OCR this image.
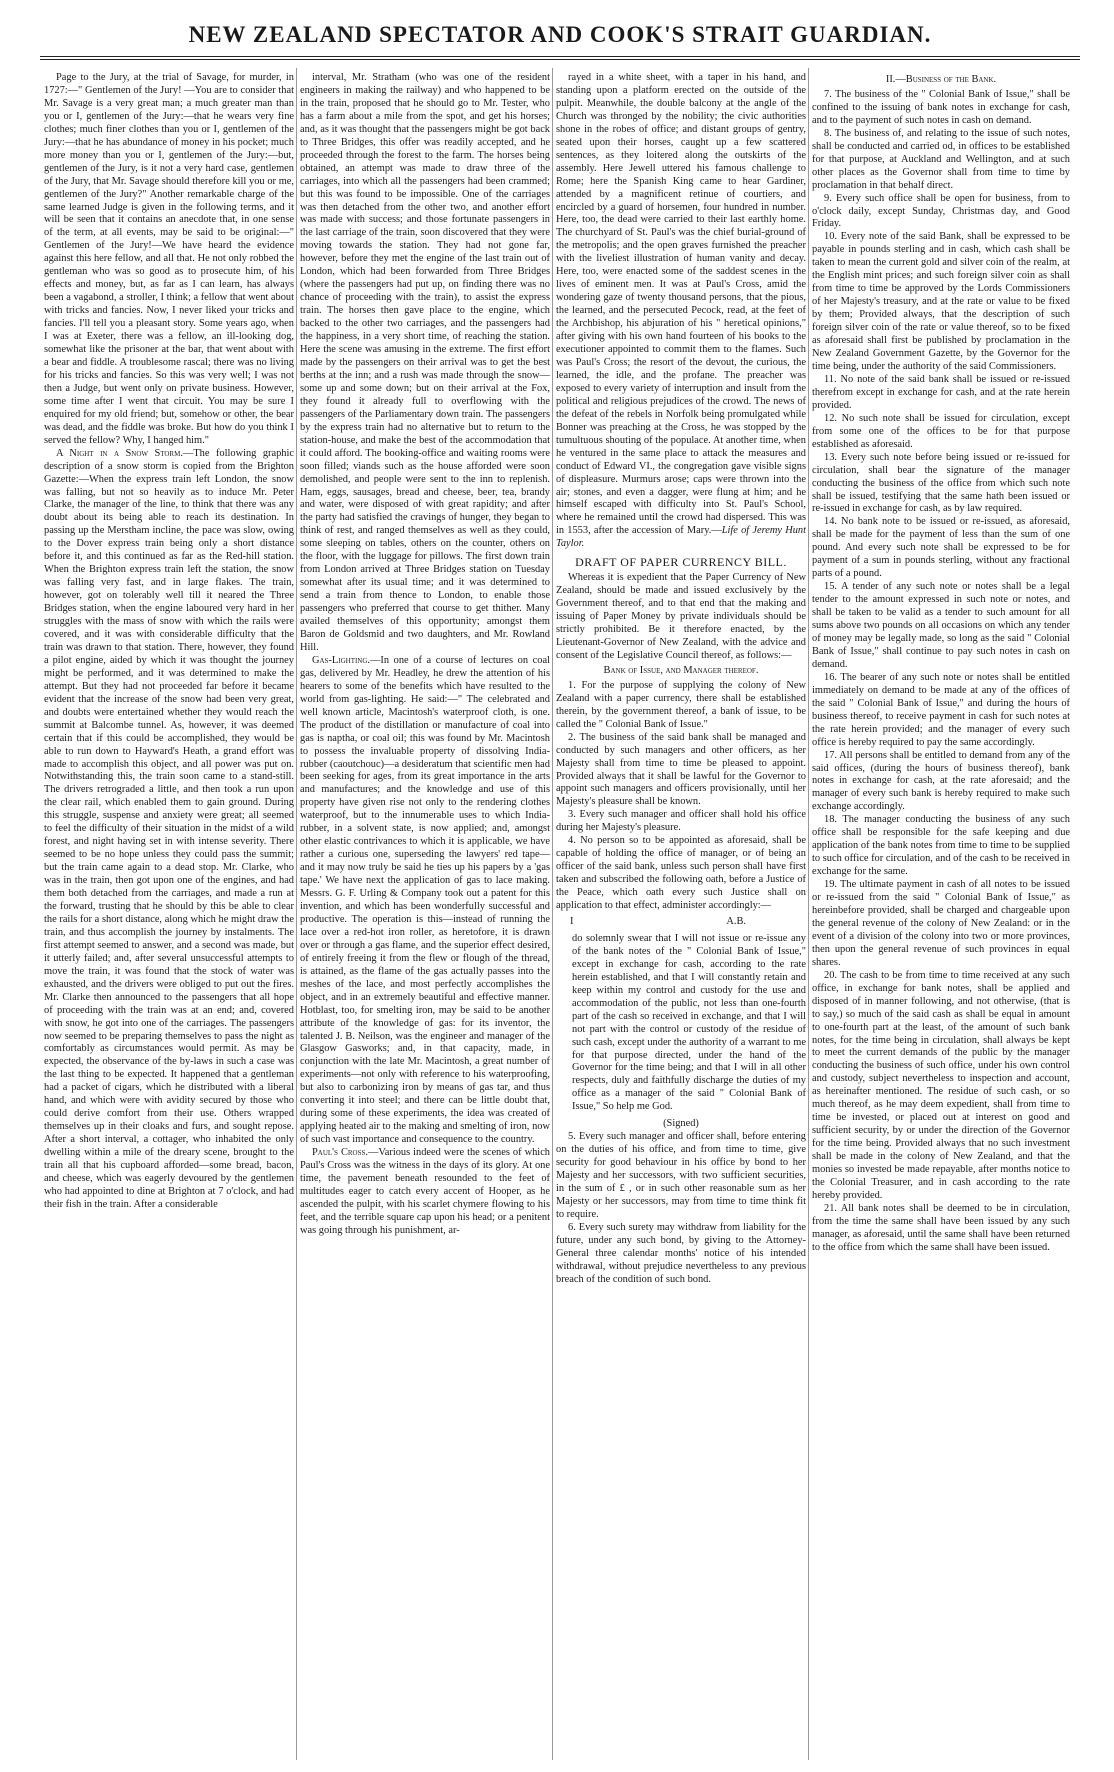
NEW ZEALAND SPECTATOR AND COOK'S STRAIT GUARDIAN.

Page to the Jury, at the trial of Savage, for murder, in 1727:—" Gentlemen of the Jury! —You are to consider that Mr. Savage is a very great man; a much greater man than you or I, gentlemen of the Jury:—that he wears very fine clothes; much finer clothes than you or I, gentlemen of the Jury:—that he has abundance of money in his pocket; much more money than you or I, gentlemen of the Jury:—but, gentlemen of the Jury, is it not a very hard case, gentlemen of the Jury, that Mr. Savage should therefore kill you or me, gentlemen of the Jury?" Another remarkable charge of the same learned Judge is given in the following terms, and it will be seen that it contains an anecdote that, in one sense of the term, at all events, may be said to be original:—" Gentlemen of the Jury!—We have heard the evidence against this here fellow, and all that. He not only robbed the gentleman who was so good as to prosecute him, of his effects and money, but, as far as I can learn, has always been a vagabond, a stroller, I think; a fellow that went about with tricks and fancies. Now, I never liked your tricks and fancies. I'll tell you a pleasant story. Some years ago, when I was at Exeter, there was a fellow, an ill-looking dog, somewhat like the prisoner at the bar, that went about with a bear and fiddle. A troublesome rascal; there was no living for his tricks and fancies. So this was very well; I was not then a Judge, but went only on private business. However, some time after I went that circuit. You may be sure I enquired for my old friend; but, somehow or other, the bear was dead, and the fiddle was broke. But how do you think I served the fellow? Why, I hanged him."

A Night in a Snow Storm.—The following graphic description of a snow storm is copied from the Brighton Gazette:—When the express train left London, the snow was falling, but not so heavily as to induce Mr. Peter Clarke, the manager of the line, to think that there was any doubt about its being able to reach its destination. In passing up the Merstham incline, the pace was slow, owing to the Dover express train being only a short distance before it, and this continued as far as the Red-hill station. When the Brighton express train left the station, the snow was falling very fast, and in large flakes. The train, however, got on tolerably well till it neared the Three Bridges station, when the engine laboured very hard in her struggles with the mass of snow with which the rails were covered, and it was with considerable difficulty that the train was drawn to that station. There, however, they found a pilot engine, aided by which it was thought the journey might be performed, and it was determined to make the attempt. But they had not proceeded far before it became evident that the increase of the snow had been very great, and doubts were entertained whether they would reach the summit at Balcombe tunnel. As, however, it was deemed certain that if this could be accomplished, they would be able to run down to Hayward's Heath, a grand effort was made to accomplish this object, and all power was put on. Notwithstanding this, the train soon came to a stand-still. The drivers retrograded a little, and then took a run upon the clear rail, which enabled them to gain ground. During this struggle, suspense and anxiety were great; all seemed to feel the difficulty of their situation in the midst of a wild forest, and night having set in with intense severity. There seemed to be no hope unless they could pass the summit; but the train came again to a dead stop. Mr. Clarke, who was in the train, then got upon one of the engines, and had them both detached from the carriages, and made a run at the forward, trusting that he should by this be able to clear the rails for a short distance, along which he might draw the train, and thus accomplish the journey by instalments. The first attempt seemed to answer, and a second was made, but it utterly failed; and, after several unsuccessful attempts to move the train, it was found that the stock of water was exhausted, and the drivers were obliged to put out the fires. Mr. Clarke then announced to the passengers that all hope of proceeding with the train was at an end; and, covered with snow, he got into one of the carriages. The passengers now seemed to be preparing themselves to pass the night as comfortably as circumstances would permit. As may be expected, the observance of the by-laws in such a case was the last thing to be expected. It happened that a gentleman had a packet of cigars, which he distributed with a liberal hand, and which were with avidity secured by those who could derive comfort from their use. Others wrapped themselves up in their cloaks and furs, and sought repose. After a short interval, a cottager, who inhabited the only dwelling within a mile of the dreary scene, brought to the train all that his cupboard afforded—some bread, bacon, and cheese, which was eagerly devoured by the gentlemen who had appointed to dine at Brighton at 7 o'clock, and had their fish in the train. After a considerable

interval, Mr. Stratham (who was one of the resident engineers in making the railway) and who happened to be in the train, proposed that he should go to Mr. Tester, who has a farm about a mile from the spot, and get his horses; and, as it was thought that the passengers might be got back to Three Bridges, this offer was readily accepted, and he proceeded through the forest to the farm. The horses being obtained, an attempt was made to draw three of the carriages, into which all the passengers had been crammed; but this was found to be impossible. One of the carriages was then detached from the other two, and another effort was made with success; and those fortunate passengers in the last carriage of the train, soon discovered that they were moving towards the station. They had not gone far, however, before they met the engine of the last train out of London, which had been forwarded from Three Bridges (where the passengers had put up, on finding there was no chance of proceeding with the train), to assist the express train. The horses then gave place to the engine, which backed to the other two carriages, and the passengers had the happiness, in a very short time, of reaching the station. Here the scene was amusing in the extreme. The first effort made by the passengers on their arrival was to get the best berths at the inn; and a rush was made through the snow—some up and some down; but on their arrival at the Fox, they found it already full to overflowing with the passengers of the Parliamentary down train. The passengers by the express train had no alternative but to return to the station-house, and make the best of the accommodation that it could afford. The booking-office and waiting rooms were soon filled; viands such as the house afforded were soon demolished, and people were sent to the inn to replenish. Ham, eggs, sausages, bread and cheese, beer, tea, brandy and water, were disposed of with great rapidity; and after the party had satisfied the cravings of hunger, they began to think of rest, and ranged themselves as well as they could, some sleeping on tables, others on the counter, others on the floor, with the luggage for pillows. The first down train from London arrived at Three Bridges station on Tuesday somewhat after its usual time; and it was determined to send a train from thence to London, to enable those passengers who preferred that course to get thither. Many availed themselves of this opportunity; amongst them Baron de Goldsmid and two daughters, and Mr. Rowland Hill.

Gas-Lighting.—In one of a course of lectures on coal gas, delivered by Mr. Headley, he drew the attention of his hearers to some of the benefits which have resulted to the world from gas-lighting. He said:—" The celebrated and well known article, Macintosh's waterproof cloth, is one. The product of the distillation or manufacture of coal into gas is naptha, or coal oil; this was found by Mr. Macintosh to possess the invaluable property of dissolving India-rubber (caoutchouc)—a desideratum that scientific men had been seeking for ages, from its great importance in the arts and manufactures; and the knowledge and use of this property have given rise not only to the rendering clothes waterproof, but to the innumerable uses to which India-rubber, in a solvent state, is now applied; and, amongst other elastic contrivances to which it is applicable, we have rather a curious one, superseding the lawyers' red tape—and it may now truly be said he ties up his papers by a 'gas tape.' We have next the application of gas to lace making. Messrs. G. F. Urling & Company took out a patent for this invention, and which has been wonderfully successful and productive. The operation is this—instead of running the lace over a red-hot iron roller, as heretofore, it is drawn over or through a gas flame, and the superior effect desired, of entirely freeing it from the flew or flough of the thread, is attained, as the flame of the gas actually passes into the meshes of the lace, and most perfectly accomplishes the object, and in an extremely beautiful and effective manner. Hotblast, too, for smelting iron, may be said to be another attribute of the knowledge of gas: for its inventor, the talented J. B. Neilson, was the engineer and manager of the Glasgow Gasworks; and, in that capacity, made, in conjunction with the late Mr. Macintosh, a great number of experiments—not only with reference to his waterproofing, but also to carbonizing iron by means of gas tar, and thus converting it into steel; and there can be little doubt that, during some of these experiments, the idea was created of applying heated air to the making and smelting of iron, now of such vast importance and consequence to the country.

Paul's Cross.—Various indeed were the scenes of which Paul's Cross was the witness in the days of its glory. At one time, the pavement beneath resounded to the feet of multitudes eager to catch every accent of Hooper, as he ascended the pulpit, with his scarlet chymere flowing to his feet, and the terrible square cap upon his head; or a penitent was going through his punishment, ar-

rayed in a white sheet, with a taper in his hand, and standing upon a platform erected on the outside of the pulpit. Meanwhile, the double balcony at the angle of the Church was thronged by the nobility; the civic authorities shone in the robes of office; and distant groups of gentry, seated upon their horses, caught up a few scattered sentences, as they loitered along the outskirts of the assembly. Here Jewell uttered his famous challenge to Rome; here the Spanish King came to hear Gardiner, attended by a magnificent retinue of courtiers, and encircled by a guard of horsemen, four hundred in number. Here, too, the dead were carried to their last earthly home. The churchyard of St. Paul's was the chief burial-ground of the metropolis; and the open graves furnished the preacher with the liveliest illustration of human vanity and decay. Here, too, were enacted some of the saddest scenes in the lives of eminent men. It was at Paul's Cross, amid the wondering gaze of twenty thousand persons, that the pious, the learned, and the persecuted Pecock, read, at the feet of the Archbishop, his abjuration of his " heretical opinions," after giving with his own hand fourteen of his books to the executioner appointed to commit them to the flames. Such was Paul's Cross; the resort of the devout, the curious, the learned, the idle, and the profane. The preacher was exposed to every variety of interruption and insult from the political and religious prejudices of the crowd. The news of the defeat of the rebels in Norfolk being promulgated while Bonner was preaching at the Cross, he was stopped by the tumultuous shouting of the populace. At another time, when he ventured in the same place to attack the measures and conduct of Edward VI., the congregation gave visible signs of displeasure. Murmurs arose; caps were thrown into the air; stones, and even a dagger, were flung at him; and he himself escaped with difficulty into St. Paul's School, where he remained until the crowd had dispersed. This was in 1553, after the accession of Mary.—Life of Jeremy Hunt Taylor.

DRAFT OF PAPER CURRENCY BILL.

Whereas it is expedient that the Paper Currency of New Zealand, should be made and issued exclusively by the Government thereof, and to that end that the making and issuing of Paper Money by private individuals should be strictly prohibited. Be it therefore enacted, by the Lieutenant-Governor of New Zealand, with the advice and consent of the Legislative Council thereof, as follows:—

Bank of Issue, and Manager thereof.

1. For the purpose of supplying the colony of New Zealand with a paper currency, there shall be established therein, by the government thereof, a bank of issue, to be called the " Colonial Bank of Issue."

2. The business of the said bank shall be managed and conducted by such managers and other officers, as her Majesty shall from time to time be pleased to appoint. Provided always that it shall be lawful for the Governor to appoint such managers and officers provisionally, until her Majesty's pleasure shall be known.

3. Every such manager and officer shall hold his office during her Majesty's pleasure.

4. No person so to be appointed as aforesaid, shall be capable of holding the office of manager, or of being an officer of the said bank, unless such person shall have first taken and subscribed the following oath, before a Justice of the Peace, which oath every such Justice shall on application to that effect, administer accordingly:—

I	A.B.

do solemnly swear that I will not issue or re-issue any of the bank notes of the " Colonial Bank of Issue," except in exchange for cash, according to the rate herein established, and that I will constantly retain and keep within my control and custody for the use and accommodation of the public, not less than one-fourth part of the cash so received in exchange, and that I will not part with the control or custody of the residue of such cash, except under the authority of a warrant to me for that purpose directed, under the hand of the Governor for the time being; and that I will in all other respects, duly and faithfully discharge the duties of my office as a manager of the said " Colonial Bank of Issue," So help me God.

(Signed)

5. Every such manager and officer shall, before entering on the duties of his office, and from time to time, give security for good behaviour in his office by bond to her Majesty and her successors, with two sufficient securities, in the sum of £ , or in such other reasonable sum as her Majesty or her successors, may from time to time think fit to require.

6. Every such surety may withdraw from liability for the future, under any such bond, by giving to the Attorney-General three calendar months' notice of his intended withdrawal, without prejudice nevertheless to any previous breach of the condition of such bond.

II.—Business of the Bank.

7. The business of the " Colonial Bank of Issue," shall be confined to the issuing of bank notes in exchange for cash, and to the payment of such notes in cash on demand.

8. The business of, and relating to the issue of such notes, shall be conducted and carried od, in offices to be established for that purpose, at Auckland and Wellington, and at such other places as the Governor shall from time to time by proclamation in that behalf direct.

9. Every such office shall be open for business, from to o'clock daily, except Sunday, Christmas day, and Good Friday.

10. Every note of the said Bank, shall be expressed to be payable in pounds sterling and in cash, which cash shall be taken to mean the current gold and silver coin of the realm, at the English mint prices; and such foreign silver coin as shall from time to time be approved by the Lords Commissioners of her Majesty's treasury, and at the rate or value to be fixed by them; Provided always, that the description of such foreign silver coin of the rate or value thereof, so to be fixed as aforesaid shall first be published by proclamation in the New Zealand Government Gazette, by the Governor for the time being, under the authority of the said Commissioners.

11. No note of the said bank shall be issued or re-issued therefrom except in exchange for cash, and at the rate herein provided.

12. No such note shall be issued for circulation, except from some one of the offices to be for that purpose established as aforesaid.

13. Every such note before being issued or re-issued for circulation, shall bear the signature of the manager conducting the business of the office from which such note shall be issued, testifying that the same hath been issued or re-issued in exchange for cash, as by law required.

14. No bank note to be issued or re-issued, as aforesaid, shall be made for the payment of less than the sum of one pound. And every such note shall be expressed to be for payment of a sum in pounds sterling, without any fractional parts of a pound.

15. A tender of any such note or notes shall be a legal tender to the amount expressed in such note or notes, and shall be taken to be valid as a tender to such amount for all sums above two pounds on all occasions on which any tender of money may be legally made, so long as the said " Colonial Bank of Issue," shall continue to pay such notes in cash on demand.

16. The bearer of any such note or notes shall be entitled immediately on demand to be made at any of the offices of the said " Colonial Bank of Issue," and during the hours of business thereof, to receive payment in cash for such notes at the rate herein provided; and the manager of every such office is hereby required to pay the same accordingly.

17. All persons shall be entitled to demand from any of the said offices, (during the hours of business thereof), bank notes in exchange for cash, at the rate aforesaid; and the manager of every such bank is hereby required to make such exchange accordingly.

18. The manager conducting the business of any such office shall be responsible for the safe keeping and due application of the bank notes from time to time to be supplied to such office for circulation, and of the cash to be received in exchange for the same.

19. The ultimate payment in cash of all notes to be issued or re-issued from the said " Colonial Bank of Issue," as hereinbefore provided, shall be charged and chargeable upon the general revenue of the colony of New Zealand: or in the event of a division of the colony into two or more provinces, then upon the general revenue of such provinces in equal shares.

20. The cash to be from time to time received at any such office, in exchange for bank notes, shall be applied and disposed of in manner following, and not otherwise, (that is to say,) so much of the said cash as shall be equal in amount to one-fourth part at the least, of the amount of such bank notes, for the time being in circulation, shall always be kept to meet the current demands of the public by the manager conducting the business of such office, under his own control and custody, subject nevertheless to inspection and account, as hereinafter mentioned. The residue of such cash, or so much thereof, as he may deem expedient, shall from time to time be invested, or placed out at interest on good and sufficient security, by or under the direction of the Governor for the time being. Provided always that no such investment shall be made in the colony of New Zealand, and that the monies so invested be made repayable, after months notice to the Colonial Treasurer, and in cash according to the rate hereby provided.

21. All bank notes shall be deemed to be in circulation, from the time the same shall have been issued by any such manager, as aforesaid, until the same shall have been returned to the office from which the same shall have been issued.
